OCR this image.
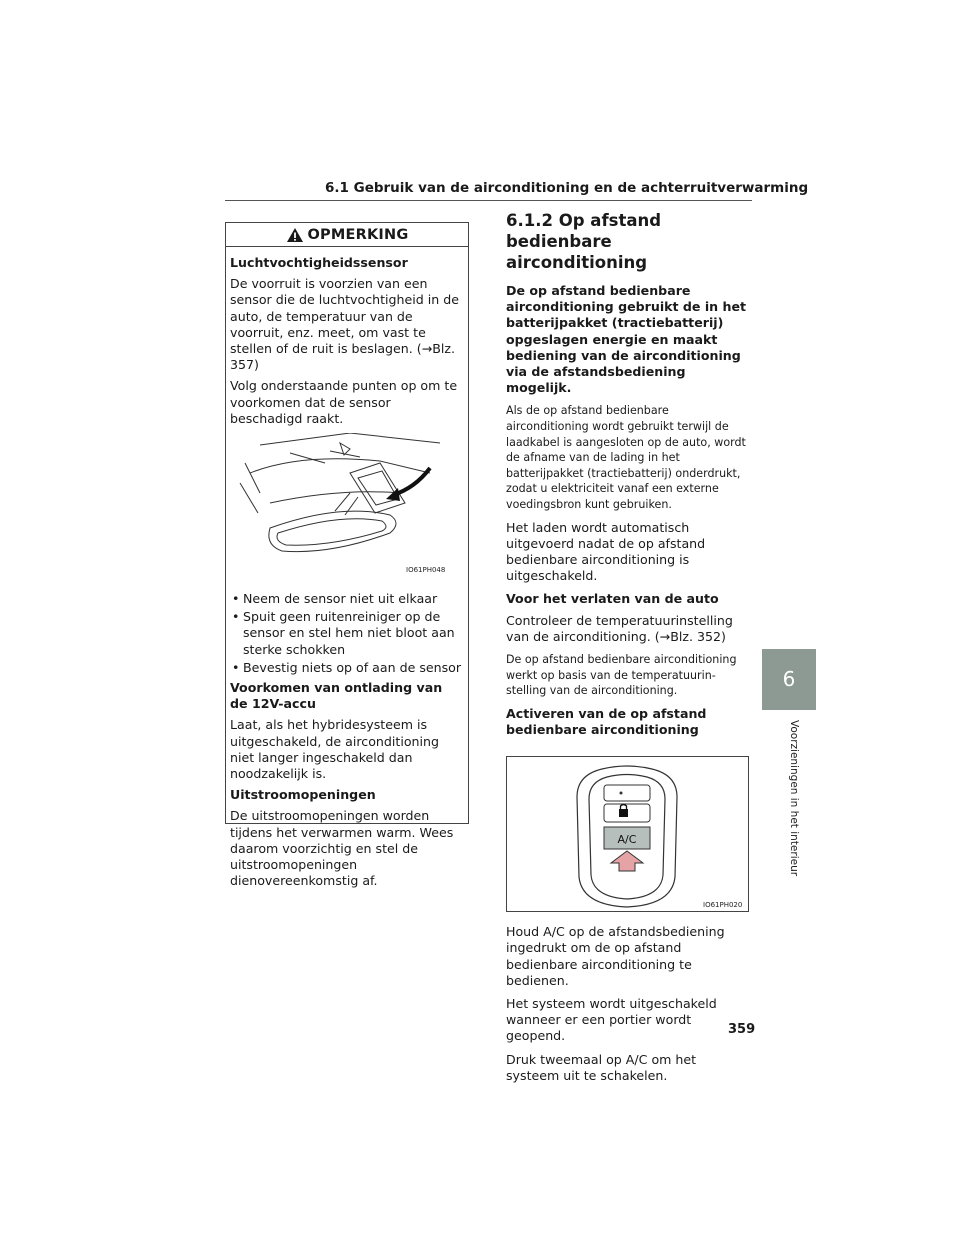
6.1 Gebruik van de airconditioning en de achterruitverwarming
OPMERKING

Luchtvochtigheidssensor

De voorruit is voorzien van een sensor die de luchtvochtigheid in de auto, de temperatuur van de voorruit, enz. meet, om vast te stellen of de ruit is beslagen. (→Blz. 357)

Volg onderstaande punten op om te voorkomen dat de sensor beschadigd raakt.

IO61PH048
• Neem de sensor niet uit elkaar
• Spuit geen ruitenreiniger op de sensor en stel hem niet bloot aan sterke schokken
• Bevestig niets op of aan de sensor

Voorkomen van ontlading van de 12V-accu

Laat, als het hybridesysteem is uitgeschakeld, de airconditioning niet langer ingeschakeld dan noodzakelijk is.

Uitstroomopeningen

De uitstroomopeningen worden tijdens het verwarmen warm. Wees daarom voorzichtig en stel de uitstroomopeningen dienovereenkomstig af.

6.1.2 Op afstand bedienbare airconditioning

De op afstand bedienbare airconditioning gebruikt de in het batterijpakket (tractiebatterij) opgeslagen energie en maakt bediening van de airconditioning via de afstandsbediening mogelijk.

Als de op afstand bedienbare airconditioning wordt gebruikt terwijl de laadkabel is aangesloten op de auto, wordt de afname van de lading in het batterijpakket (tractiebatterij) onderdrukt, zodat u elektriciteit vanaf een externe voedingsbron kunt gebruiken.

Het laden wordt automatisch uitgevoerd nadat de op afstand bedienbare airconditioning is uitgeschakeld.

Voor het verlaten van de auto

Controleer de temperatuurinstelling van de airconditioning. (→Blz. 352)

De op afstand bedienbare airconditioning werkt op basis van de temperatuurin-stelling van de airconditioning.

Activeren van de op afstand bedienbare airconditioning
A/C
IO61PH020

Houd A/C op de afstandsbediening ingedrukt om de op afstand bedienbare airconditioning te bedienen.

Het systeem wordt uitgeschakeld wanneer er een portier wordt geopend.

Druk tweemaal op A/C om het systeem uit te schakelen.

359
6
Voorzieningen in het interieur
